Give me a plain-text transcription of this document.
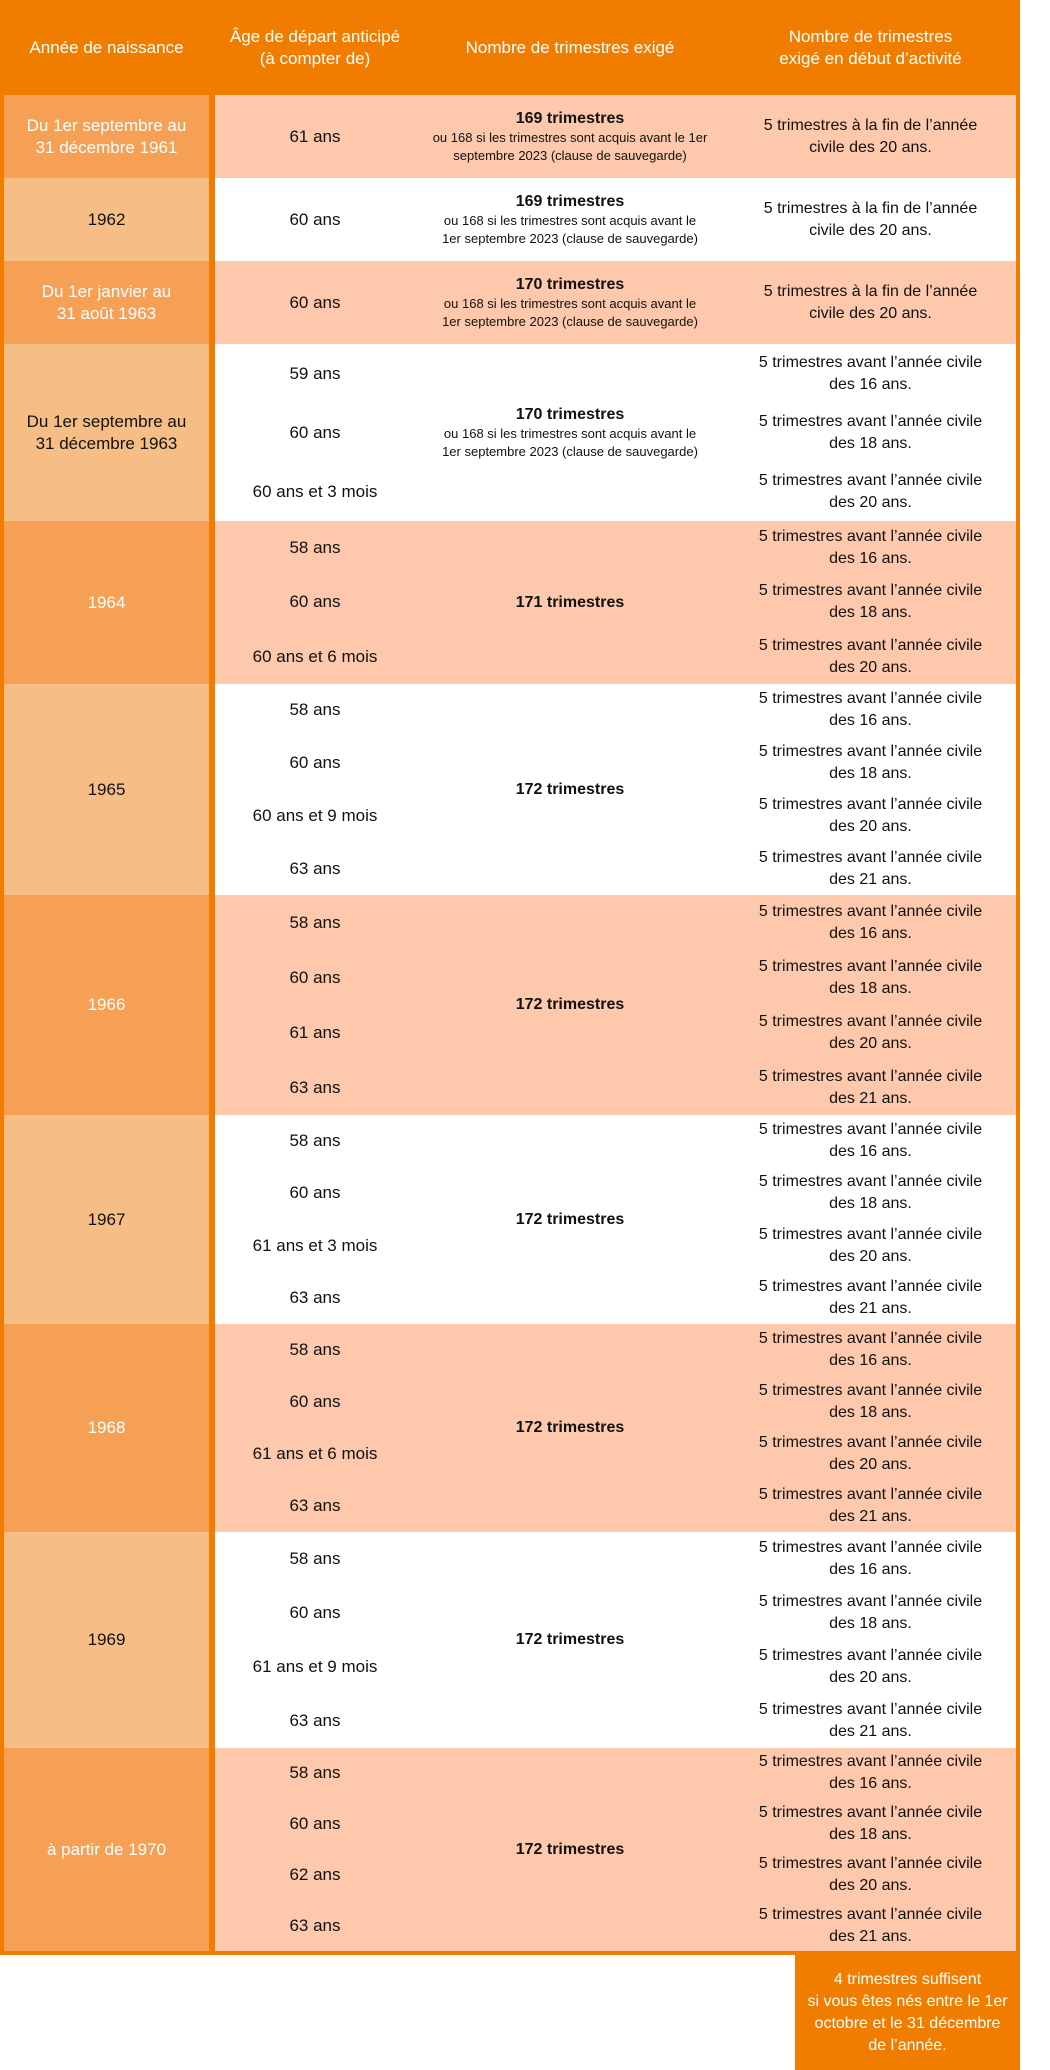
Année de naissance
Âge de départ anticipé
(à compter de)
Nombre de trimestres exigé
Nombre de trimestres
exigé en début d’activité
Du 1er septembre au
31 décembre 1961
61 ans
169 trimestres
ou 168 si les trimestres sont acquis avant le 1er
septembre 2023 (clause de sauvegarde)
5 trimestres à la fin de l’année civile des 20 ans.
1962	60 ans
169 trimestres
ou 168 si les trimestres sont acquis avant le
1er septembre 2023 (clause de sauvegarde)
5 trimestres à la fin de l’année civile des 20 ans.
Du 1er janvier au
31 août 1963
60 ans
170 trimestres
ou 168 si les trimestres sont acquis avant le
1er septembre 2023 (clause de sauvegarde)
5 trimestres à la fin de l’année civile des 20 ans.
Du 1er septembre au
31 décembre 1963
59 ans
60 ans
60 ans et 3 mois
170 trimestres
ou 168 si les trimestres sont acquis avant le
1er septembre 2023 (clause de sauvegarde)
5 trimestres avant l’année civile des 16 ans.
5 trimestres avant l’année civile des 18 ans.
5 trimestres avant l’année civile des 20 ans.
1964
58 ans
60 ans
60 ans et 6 mois
171 trimestres
5 trimestres avant l’année civile des 16 ans.
5 trimestres avant l’année civile des 18 ans.
5 trimestres avant l’année civile des 20 ans.
1965
58 ans
60 ans
60 ans et 9 mois
63 ans
172 trimestres
5 trimestres avant l’année civile des 16 ans.
5 trimestres avant l’année civile des 18 ans.
5 trimestres avant l’année civile des 20 ans.
5 trimestres avant l’année civile des 21 ans.
1966
58 ans
60 ans
61 ans
63 ans
172 trimestres
5 trimestres avant l’année civile des 16 ans.
5 trimestres avant l’année civile des 18 ans.
5 trimestres avant l’année civile des 20 ans.
5 trimestres avant l’année civile des 21 ans.
1967
58 ans
60 ans
61 ans et 3 mois
63 ans
172 trimestres
5 trimestres avant l’année civile des 16 ans.
5 trimestres avant l’année civile des 18 ans.
5 trimestres avant l’année civile des 20 ans.
5 trimestres avant l’année civile des 21 ans.
1968
58 ans
60 ans
61 ans et 6 mois
63 ans
172 trimestres
5 trimestres avant l’année civile des 16 ans.
5 trimestres avant l’année civile des 18 ans.
5 trimestres avant l’année civile des 20 ans.
5 trimestres avant l’année civile des 21 ans.
1969
58 ans
60 ans
61 ans et 9 mois
63 ans
172 trimestres
5 trimestres avant l’année civile des 16 ans.
5 trimestres avant l’année civile des 18 ans.
5 trimestres avant l’année civile des 20 ans.
5 trimestres avant l’année civile des 21 ans.
à partir de 1970
58 ans
60 ans
62 ans
63 ans
172 trimestres
5 trimestres avant l’année civile des 16 ans.
5 trimestres avant l’année civile des 18 ans.
5 trimestres avant l’année civile des 20 ans.
5 trimestres avant l’année civile des 21 ans.
4 trimestres suffisent
si vous êtes nés entre le 1er
octobre et le 31 décembre
de l’année.
